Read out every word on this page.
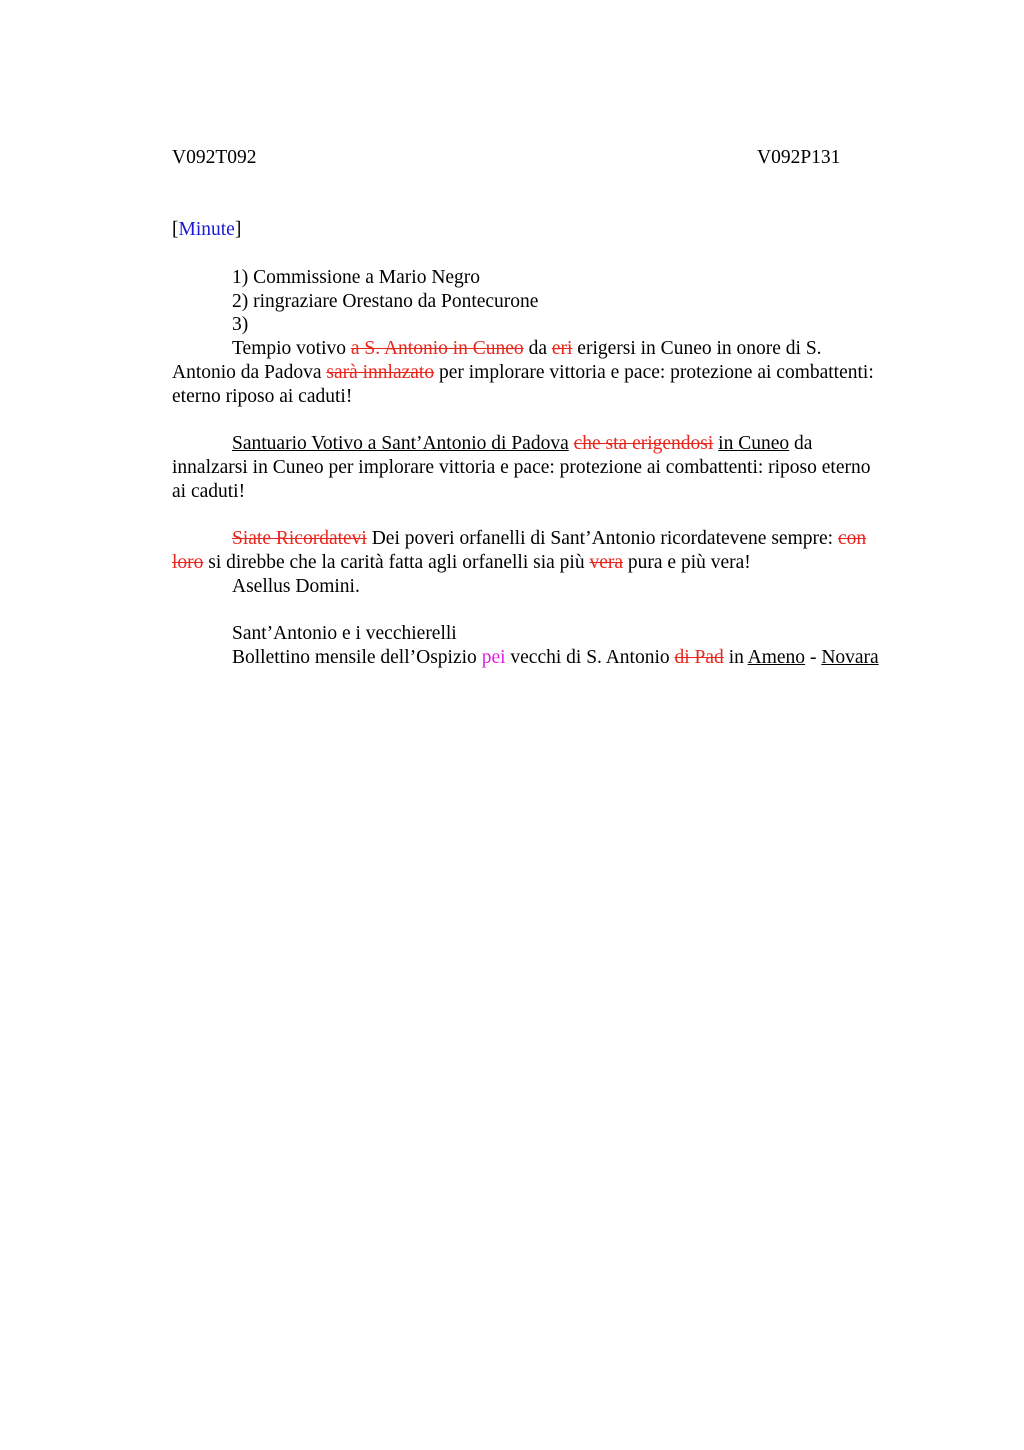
V092T092	V092P131
[Minute]
1) Commissione a Mario Negro
2) ringraziare Orestano da Pontecurone
3)
Tempio votivo a S. Antonio in Cuneo da eri erigersi in Cuneo in onore di S.
Antonio da Padova sarà innlazato per implorare vittoria e pace: protezione ai combattenti:
eterno riposo ai caduti!
Santuario Votivo a Sant’Antonio di Padova che sta erigendosi in Cuneo da
innalzarsi in Cuneo per implorare vittoria e pace: protezione ai combattenti: riposo eterno
ai caduti!
Siate Ricordatevi Dei poveri orfanelli di Sant’Antonio ricordatevene sempre: con
loro si direbbe che la carità fatta agli orfanelli sia più vera pura e più vera!
Asellus Domini.
Sant’Antonio e i vecchierelli
Bollettino mensile dell’Ospizio pei vecchi di S. Antonio di Pad in Ameno - Novara
